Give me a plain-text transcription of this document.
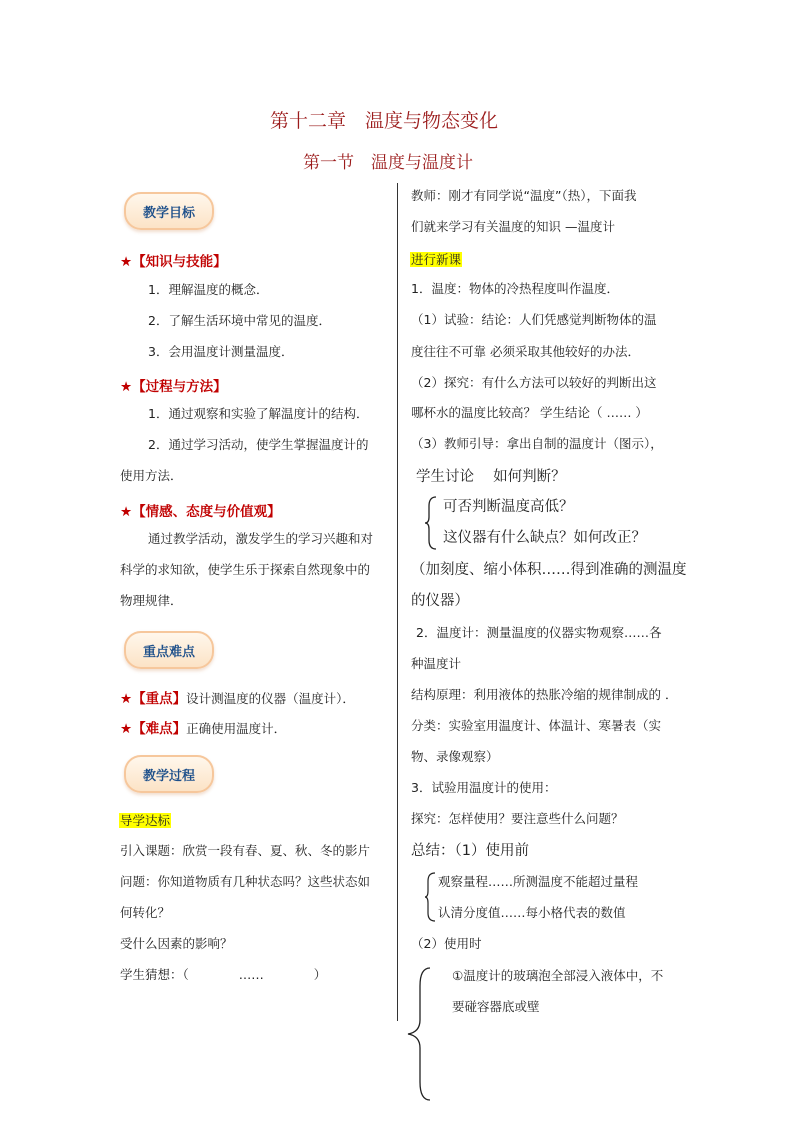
第十二章　温度与物态变化
第一节　温度与温度计
教学目标
★【知识与技能】
1．理解温度的概念．
2．了解生活环境中常见的温度．
3．会用温度计测量温度．
★【过程与方法】
1．通过观察和实验了解温度计的结构．
2．通过学习活动，使学生掌握温度计的
使用方法．
★【情感、态度与价值观】
通过教学活动，激发学生的学习兴趣和对
科学的求知欲，使学生乐于探索自然现象中的
物理规律．
重点难点
★【重点】设计测温度的仪器（温度计）．
★【难点】正确使用温度计．
教学过程
导学达标
引入课题：欣赏一段有春、夏、秋、冬的影片
问题：你知道物质有几种状态吗？这些状态如
何转化？
受什么因素的影响？
学生猜想：（　　　　……　　　　）
教师：刚才有同学说“温度”（热），下面我
们就来学习有关温度的知识 —温度计
进行新课
1．温度：物体的冷热程度叫作温度．
（1）试验：结论：人们凭感觉判断物体的温
度往往不可靠 必须采取其他较好的办法．
（2）探究：有什么方法可以较好的判断出这
哪杯水的温度比较高？ 学生结论（ …… ）
（3）教师引导：拿出自制的温度计（图示），
学生讨论　 如何判断？
可否判断温度高低？
这仪器有什么缺点？如何改正？
（加刻度、缩小体积……得到准确的测温度
的仪器）
2．温度计：测量温度的仪器实物观察……各
种温度计
结构原理：利用液体的热胀冷缩的规律制成的 ．
分类：实验室用温度计、体温计、寒暑表（实
物、录像观察）
3．试验用温度计的使用：
探究：怎样使用？要注意些什么问题？
总结：（1）使用前
观察量程……所测温度不能超过量程
认清分度值……每小格代表的数值
（2）使用时
①温度计的玻璃泡全部浸入液体中，不
要碰容器底或壁
